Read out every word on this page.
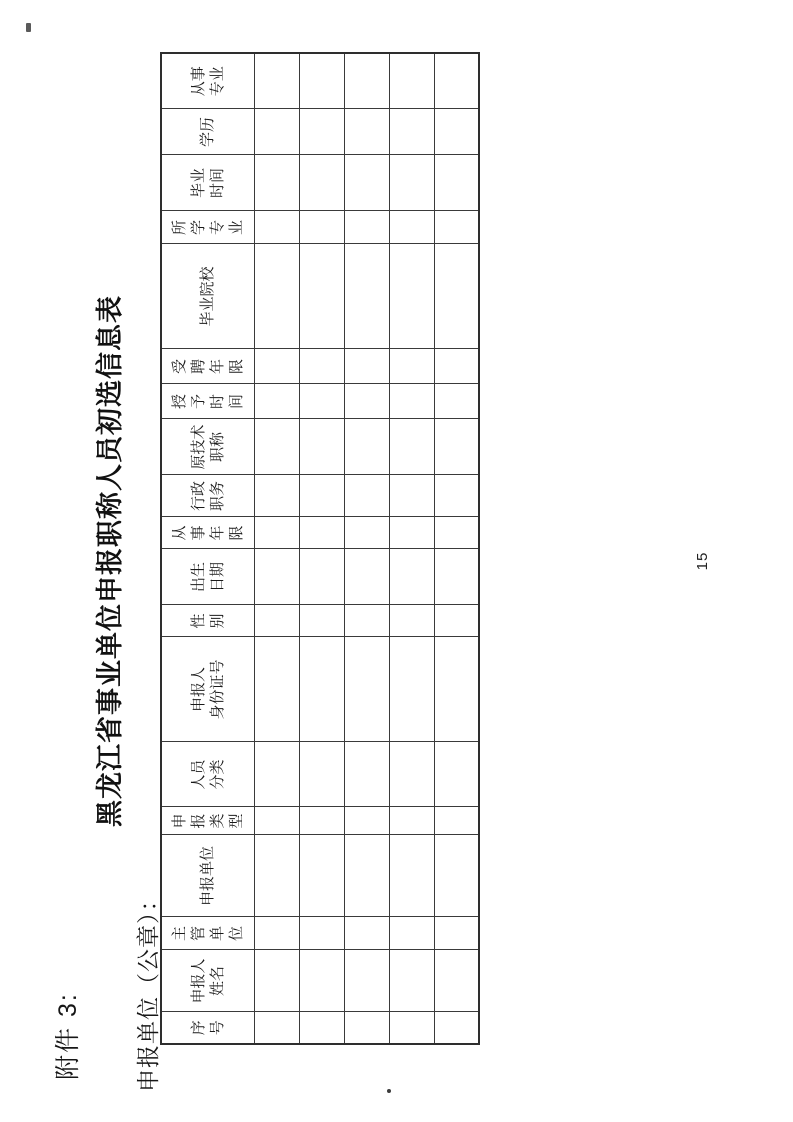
附件 3:
黑龙江省事业单位申报职称人员初选信息表
申报单位（公章）： 序 号	申报人 姓名	主 管 单 位	申报单位	申 报 类 型	人员 分类	申报人 身份证号	性 别	出生 日期	从 事 年 限	行政 职务	原技术 职称	授 予 时 间	受 聘 年 限	毕业院校	所 学 专 业	毕业 时间	学历	从事 专业

15
